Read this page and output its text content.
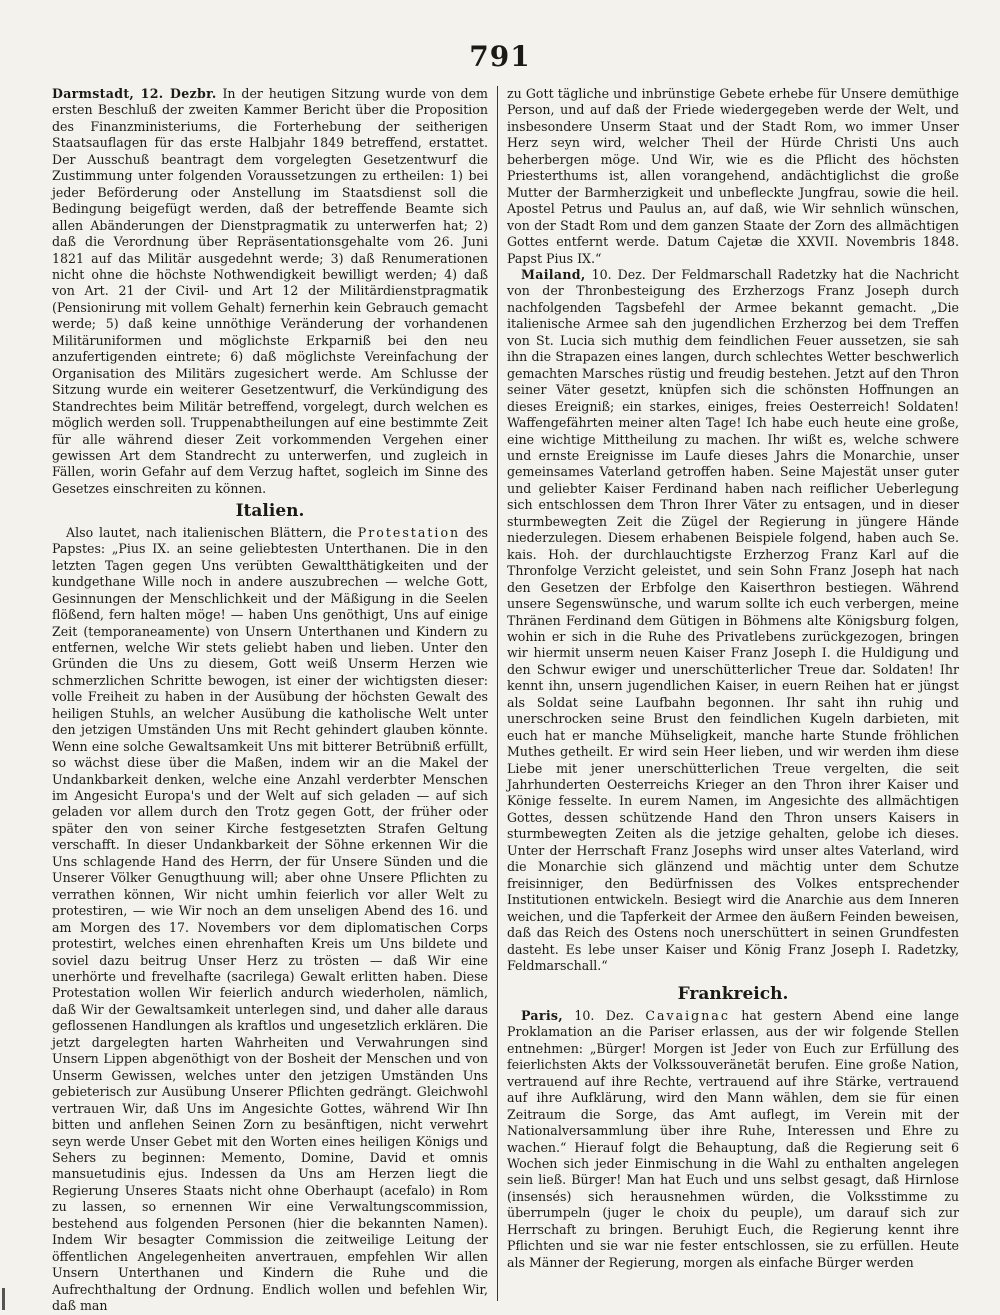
791

Darmstadt, 12. Dezbr. In der heutigen Sitzung wurde von dem ersten Beschluß der zweiten Kammer Bericht über die Proposition des Finanzministeriums, die Forterhebung der seitherigen Staatsauflagen für das erste Halbjahr 1849 betreffend, erstattet. Der Ausschuß beantragt dem vorgelegten Gesetzentwurf die Zustimmung unter folgenden Voraussetzungen zu ertheilen: 1) bei jeder Beförderung oder Anstellung im Staatsdienst soll die Bedingung beigefügt werden, daß der betreffende Beamte sich allen Abänderungen der Dienstpragmatik zu unterwerfen hat; 2) daß die Verordnung über Repräsentationsgehalte vom 26. Juni 1821 auf das Militär ausgedehnt werde; 3) daß Renumerationen nicht ohne die höchste Nothwendigkeit bewilligt werden; 4) daß von Art. 21 der Civil- und Art 12 der Militärdienstpragmatik (Pensionirung mit vollem Gehalt) fernerhin kein Gebrauch gemacht werde; 5) daß keine unnöthige Veränderung der vorhandenen Militäruniformen und möglichste Erkparniß bei den neu anzufertigenden eintrete; 6) daß möglichste Vereinfachung der Organisation des Militärs zugesichert werde. Am Schlusse der Sitzung wurde ein weiterer Gesetzentwurf, die Verkündigung des Standrechtes beim Militär betreffend, vorgelegt, durch welchen es möglich werden soll. Truppenabtheilungen auf eine bestimmte Zeit für alle während dieser Zeit vorkommenden Vergehen einer gewissen Art dem Standrecht zu unterwerfen, und zugleich in Fällen, worin Gefahr auf dem Verzug haftet, sogleich im Sinne des Gesetzes einschreiten zu können.

Italien.

Also lautet, nach italienischen Blättern, die Protestation des Papstes: „Pius IX. an seine geliebtesten Unterthanen. Die in den letzten Tagen gegen Uns verübten Gewaltthätigkeiten und der kundgethane Wille noch in andere auszubrechen — welche Gott, Gesinnungen der Menschlichkeit und der Mäßigung in die Seelen flößend, fern halten möge! — haben Uns genöthigt, Uns auf einige Zeit (temporaneamente) von Unsern Unterthanen und Kindern zu entfernen, welche Wir stets geliebt haben und lieben. Unter den Gründen die Uns zu diesem, Gott weiß Unserm Herzen wie schmerzlichen Schritte bewogen, ist einer der wichtigsten dieser: volle Freiheit zu haben in der Ausübung der höchsten Gewalt des heiligen Stuhls, an welcher Ausübung die katholische Welt unter den jetzigen Umständen Uns mit Recht gehindert glauben könnte. Wenn eine solche Gewaltsamkeit Uns mit bitterer Betrübniß erfüllt, so wächst diese über die Maßen, indem wir an die Makel der Undankbarkeit denken, welche eine Anzahl verderbter Menschen im Angesicht Europa's und der Welt auf sich geladen — auf sich geladen vor allem durch den Trotz gegen Gott, der früher oder später den von seiner Kirche festgesetzten Strafen Geltung verschafft. In dieser Undankbarkeit der Söhne erkennen Wir die Uns schlagende Hand des Herrn, der für Unsere Sünden und die Unserer Völker Genugthuung will; aber ohne Unsere Pflichten zu verrathen können, Wir nicht umhin feierlich vor aller Welt zu protestiren, — wie Wir noch an dem unseligen Abend des 16. und am Morgen des 17. Novembers vor dem diplomatischen Corps protestirt, welches einen ehrenhaften Kreis um Uns bildete und soviel dazu beitrug Unser Herz zu trösten — daß Wir eine unerhörte und frevelhafte (sacrilega) Gewalt erlitten haben. Diese Protestation wollen Wir feierlich andurch wiederholen, nämlich, daß Wir der Gewaltsamkeit unterlegen sind, und daher alle daraus geflossenen Handlungen als kraftlos und ungesetzlich erklären. Die jetzt dargelegten harten Wahrheiten und Verwahrungen sind Unsern Lippen abgenöthigt von der Bosheit der Menschen und von Unserm Gewissen, welches unter den jetzigen Umständen Uns gebieterisch zur Ausübung Unserer Pflichten gedrängt. Gleichwohl vertrauen Wir, daß Uns im Angesichte Gottes, während Wir Ihn bitten und anflehen Seinen Zorn zu besänftigen, nicht verwehrt seyn werde Unser Gebet mit den Worten eines heiligen Königs und Sehers zu beginnen: Memento, Domine, David et omnis mansuetudinis ejus. Indessen da Uns am Herzen liegt die Regierung Unseres Staats nicht ohne Oberhaupt (acefalo) in Rom zu lassen, so ernennen Wir eine Verwaltungscommission, bestehend aus folgenden Personen (hier die bekannten Namen). Indem Wir besagter Commission die zeitweilige Leitung der öffentlichen Angelegenheiten anvertrauen, empfehlen Wir allen Unsern Unterthanen und Kindern die Ruhe und die Aufrechthaltung der Ordnung. Endlich wollen und befehlen Wir, daß man

zu Gott tägliche und inbrünstige Gebete erhebe für Unsere demüthige Person, und auf daß der Friede wiedergegeben werde der Welt, und insbesondere Unserm Staat und der Stadt Rom, wo immer Unser Herz seyn wird, welcher Theil der Hürde Christi Uns auch beherbergen möge. Und Wir, wie es die Pflicht des höchsten Priesterthums ist, allen vorangehend, andächtiglichst die große Mutter der Barmherzigkeit und unbefleckte Jungfrau, sowie die heil. Apostel Petrus und Paulus an, auf daß, wie Wir sehnlich wünschen, von der Stadt Rom und dem ganzen Staate der Zorn des allmächtigen Gottes entfernt werde. Datum Cajetæ die XXVII. Novembris 1848. Papst Pius IX.“

Mailand, 10. Dez. Der Feldmarschall Radetzky hat die Nachricht von der Thronbesteigung des Erzherzogs Franz Joseph durch nachfolgenden Tagsbefehl der Armee bekannt gemacht. „Die italienische Armee sah den jugendlichen Erzherzog bei dem Treffen von St. Lucia sich muthig dem feindlichen Feuer aussetzen, sie sah ihn die Strapazen eines langen, durch schlechtes Wetter beschwerlich gemachten Marsches rüstig und freudig bestehen. Jetzt auf den Thron seiner Väter gesetzt, knüpfen sich die schönsten Hoffnungen an dieses Ereigniß; ein starkes, einiges, freies Oesterreich! Soldaten! Waffengefährten meiner alten Tage! Ich habe euch heute eine große, eine wichtige Mittheilung zu machen. Ihr wißt es, welche schwere und ernste Ereignisse im Laufe dieses Jahrs die Monarchie, unser gemeinsames Vaterland getroffen haben. Seine Majestät unser guter und geliebter Kaiser Ferdinand haben nach reiflicher Ueberlegung sich entschlossen dem Thron Ihrer Väter zu entsagen, und in dieser sturmbewegten Zeit die Zügel der Regierung in jüngere Hände niederzulegen. Diesem erhabenen Beispiele folgend, haben auch Se. kais. Hoh. der durchlauchtigste Erzherzog Franz Karl auf die Thronfolge Verzicht geleistet, und sein Sohn Franz Joseph hat nach den Gesetzen der Erbfolge den Kaiserthron bestiegen. Während unsere Segenswünsche, und warum sollte ich euch verbergen, meine Thränen Ferdinand dem Gütigen in Böhmens alte Königsburg folgen, wohin er sich in die Ruhe des Privatlebens zurückgezogen, bringen wir hiermit unserm neuen Kaiser Franz Joseph I. die Huldigung und den Schwur ewiger und unerschütterlicher Treue dar. Soldaten! Ihr kennt ihn, unsern jugendlichen Kaiser, in euern Reihen hat er jüngst als Soldat seine Laufbahn begonnen. Ihr saht ihn ruhig und unerschrocken seine Brust den feindlichen Kugeln darbieten, mit euch hat er manche Mühseligkeit, manche harte Stunde fröhlichen Muthes getheilt. Er wird sein Heer lieben, und wir werden ihm diese Liebe mit jener unerschütterlichen Treue vergelten, die seit Jahrhunderten Oesterreichs Krieger an den Thron ihrer Kaiser und Könige fesselte. In eurem Namen, im Angesichte des allmächtigen Gottes, dessen schützende Hand den Thron unsers Kaisers in sturmbewegten Zeiten als die jetzige gehalten, gelobe ich dieses. Unter der Herrschaft Franz Josephs wird unser altes Vaterland, wird die Monarchie sich glänzend und mächtig unter dem Schutze freisinniger, den Bedürfnissen des Volkes entsprechender Institutionen entwickeln. Besiegt wird die Anarchie aus dem Inneren weichen, und die Tapferkeit der Armee den äußern Feinden beweisen, daß das Reich des Ostens noch unerschüttert in seinen Grundfesten dasteht. Es lebe unser Kaiser und König Franz Joseph I. Radetzky, Feldmarschall.“

Frankreich.

Paris, 10. Dez. Cavaignac hat gestern Abend eine lange Proklamation an die Pariser erlassen, aus der wir folgende Stellen entnehmen: „Bürger! Morgen ist Jeder von Euch zur Erfüllung des feierlichsten Akts der Volkssouveränetät berufen. Eine große Nation, vertrauend auf ihre Rechte, vertrauend auf ihre Stärke, vertrauend auf ihre Aufklärung, wird den Mann wählen, dem sie für einen Zeitraum die Sorge, das Amt auflegt, im Verein mit der Nationalversammlung über ihre Ruhe, Interessen und Ehre zu wachen.“ Hierauf folgt die Behauptung, daß die Regierung seit 6 Wochen sich jeder Einmischung in die Wahl zu enthalten angelegen sein ließ. Bürger! Man hat Euch und uns selbst gesagt, daß Hirnlose (insensés) sich herausnehmen würden, die Volksstimme zu überrumpeln (juger le choix du peuple), um darauf sich zur Herrschaft zu bringen. Beruhigt Euch, die Regierung kennt ihre Pflichten und sie war nie fester entschlossen, sie zu erfüllen. Heute als Männer der Regierung, morgen als einfache Bürger werden
